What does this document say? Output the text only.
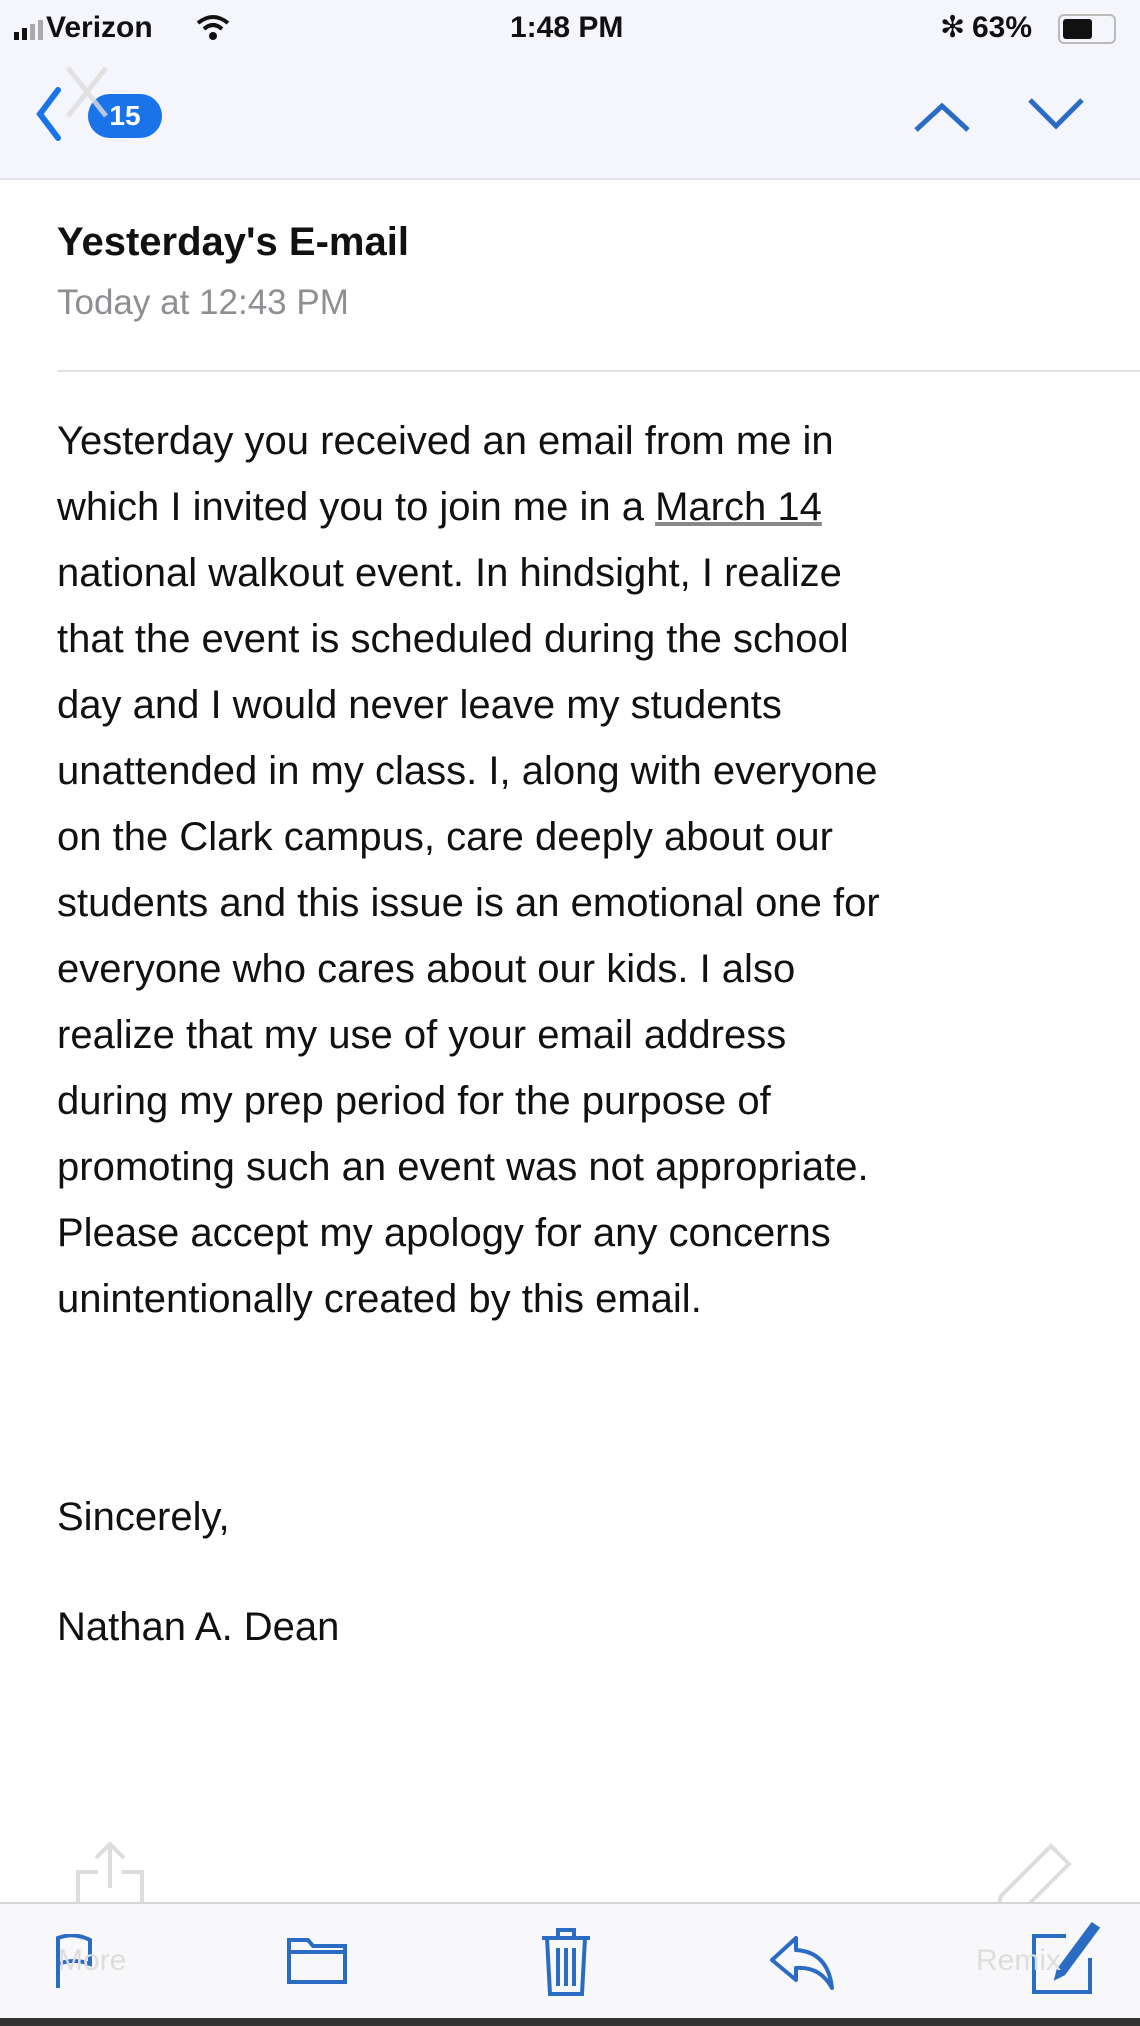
Verizon	1:48 PM	✻ 63%
15
Yesterday's E-mail
Today at 12:43 PM
Yesterday you received an email from me in
which I invited you to join me in a March 14
national walkout event. In hindsight, I realize
that the event is scheduled during the school
day and I would never leave my students
unattended in my class. I, along with everyone
on the Clark campus, care deeply about our
students and this issue is an emotional one for
everyone who cares about our kids. I also
realize that my use of your email address
during my prep period for the purpose of
promoting such an event was not appropriate.
Please accept my apology for any concerns
unintentionally created by this email.
Sincerely,
Nathan A. Dean
More	Remix
